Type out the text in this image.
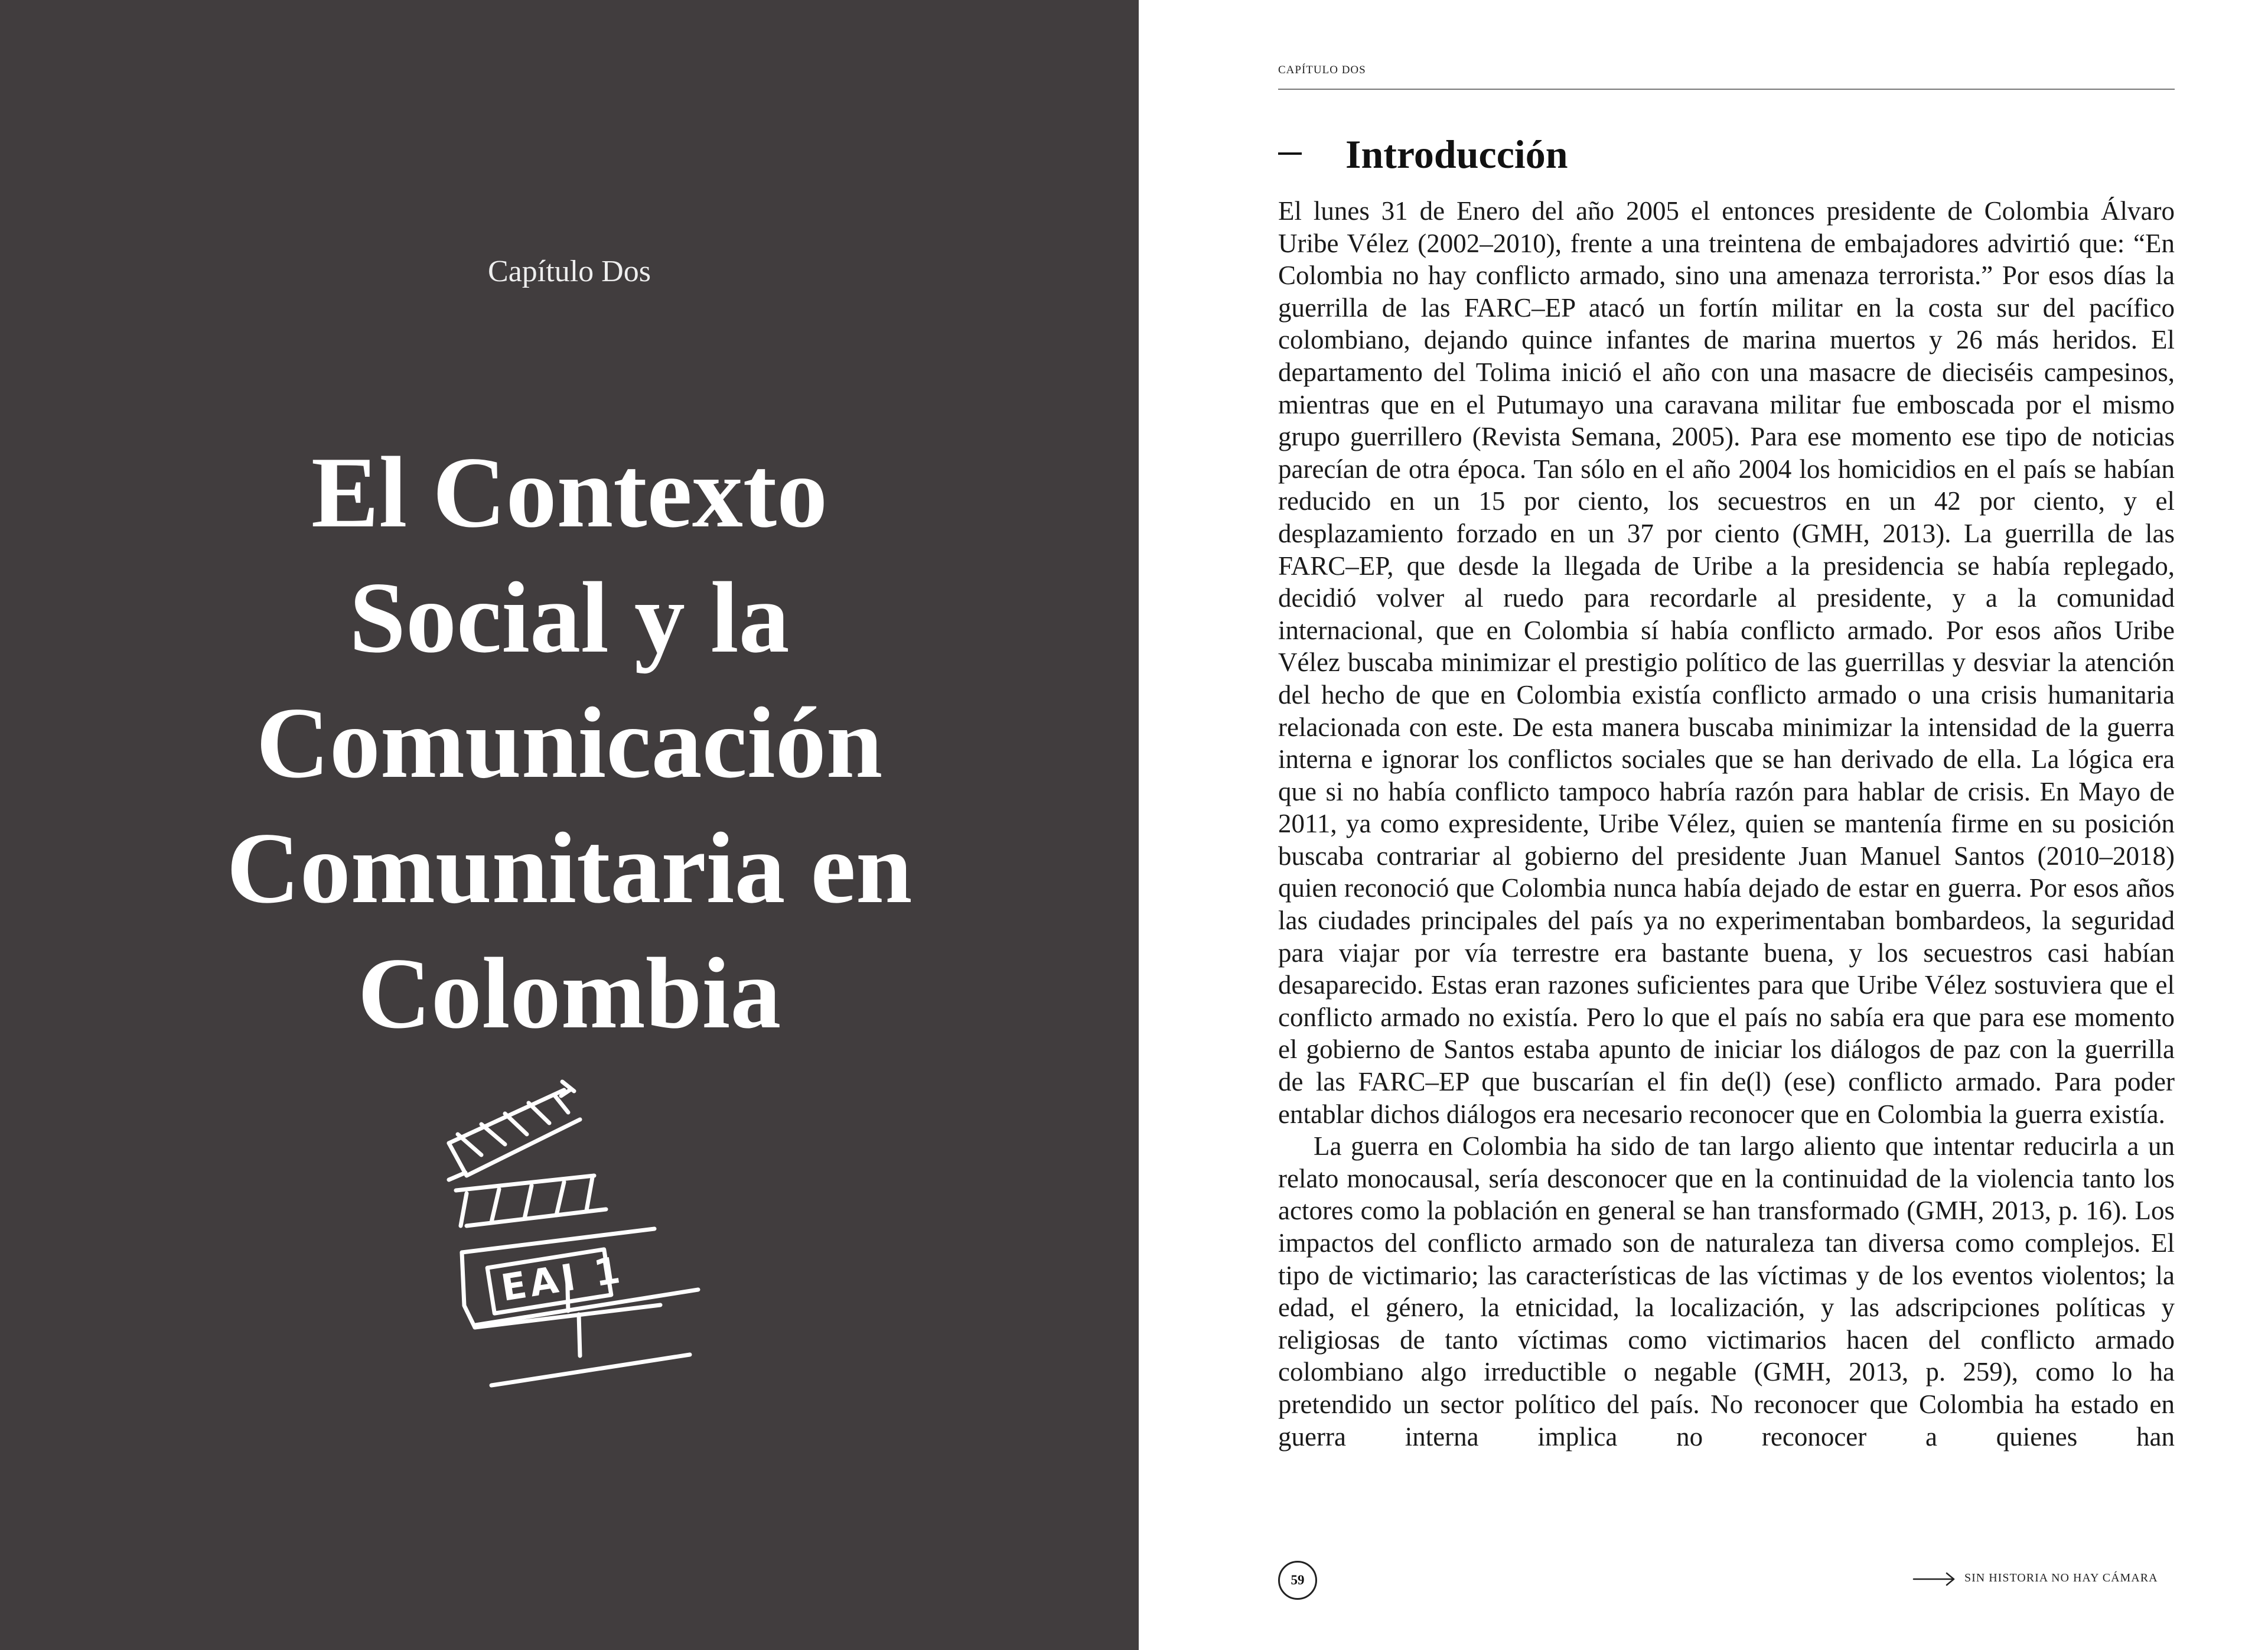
Capítulo Dos
El Contexto
Social y la
Comunicación
Comunitaria en
Colombia
EAI 1
CAPÍTULO DOS
Introducción

El lunes 31 de Enero del año 2005 el entonces presidente de Colombia Álvaro Uribe Vélez (2002–2010), frente a una treintena de embajadores advirtió que: “En Colombia no hay conflicto armado, sino una amenaza terrorista.” Por esos días la guerrilla de las FARC–EP atacó un fortín militar en la costa sur del pacífico colombiano, dejando quince infantes de marina muertos y 26 más heridos. El departamento del Tolima inició el año con una masacre de dieciséis campesinos, mientras que en el Putumayo una caravana militar fue emboscada por el mismo grupo guerrillero (Revista Semana, 2005). Para ese momento ese tipo de noticias parecían de otra época. Tan sólo en el año 2004 los homicidios en el país se habían reducido en un 15 por ciento, los secuestros en un 42 por ciento, y el desplazamiento forzado en un 37 por ciento (GMH, 2013). La guerrilla de las FARC–EP, que desde la llegada de Uribe a la presidencia se había replegado, decidió volver al ruedo para recordarle al presidente, y a la comunidad internacional, que en Colombia sí había conflicto armado. Por esos años Uribe Vélez buscaba minimizar el prestigio político de las guerrillas y desviar la atención del hecho de que en Colombia existía conflicto armado o una crisis humanitaria relacionada con este. De esta manera buscaba minimizar la intensidad de la guerra interna e ignorar los conflictos sociales que se han derivado de ella. La lógica era que si no había conflicto tampoco habría razón para hablar de crisis. En Mayo de 2011, ya como expresidente, Uribe Vélez, quien se mantenía firme en su posición buscaba contrariar al gobierno del presidente Juan Manuel Santos (2010–2018) quien reconoció que Colombia nunca había dejado de estar en guerra. Por esos años las ciudades principales del país ya no experimentaban bombardeos, la seguridad para viajar por vía terrestre era bastante buena, y los secuestros casi habían desaparecido. Estas eran razones suficientes para que Uribe Vélez sostuviera que el conflicto armado no existía. Pero lo que el país no sabía era que para ese momento el gobierno de Santos estaba apunto de iniciar los diálogos de paz con la guerrilla de las FARC–EP que buscarían el fin de(l) (ese) conflicto armado. Para poder entablar dichos diálogos era necesario reconocer que en Colombia la guerra existía.

La guerra en Colombia ha sido de tan largo aliento que intentar reducirla a un relato monocausal, sería desconocer que en la continuidad de la violencia tanto los actores como la población en general se han transformado (GMH, 2013, p. 16). Los impactos del conflicto armado son de naturaleza tan diversa como complejos. El tipo de victimario; las características de las víctimas y de los eventos violentos; la edad, el género, la etnicidad, la localización, y las adscripciones políticas y religiosas de tanto víctimas como victimarios hacen del conflicto armado colombiano algo irreductible o negable (GMH, 2013, p. 259), como lo ha pretendido un sector político del país. No reconocer que Colombia ha estado en guerra interna implica no reconocer a quienes han

59	SIN HISTORIA NO HAY CÁMARA
